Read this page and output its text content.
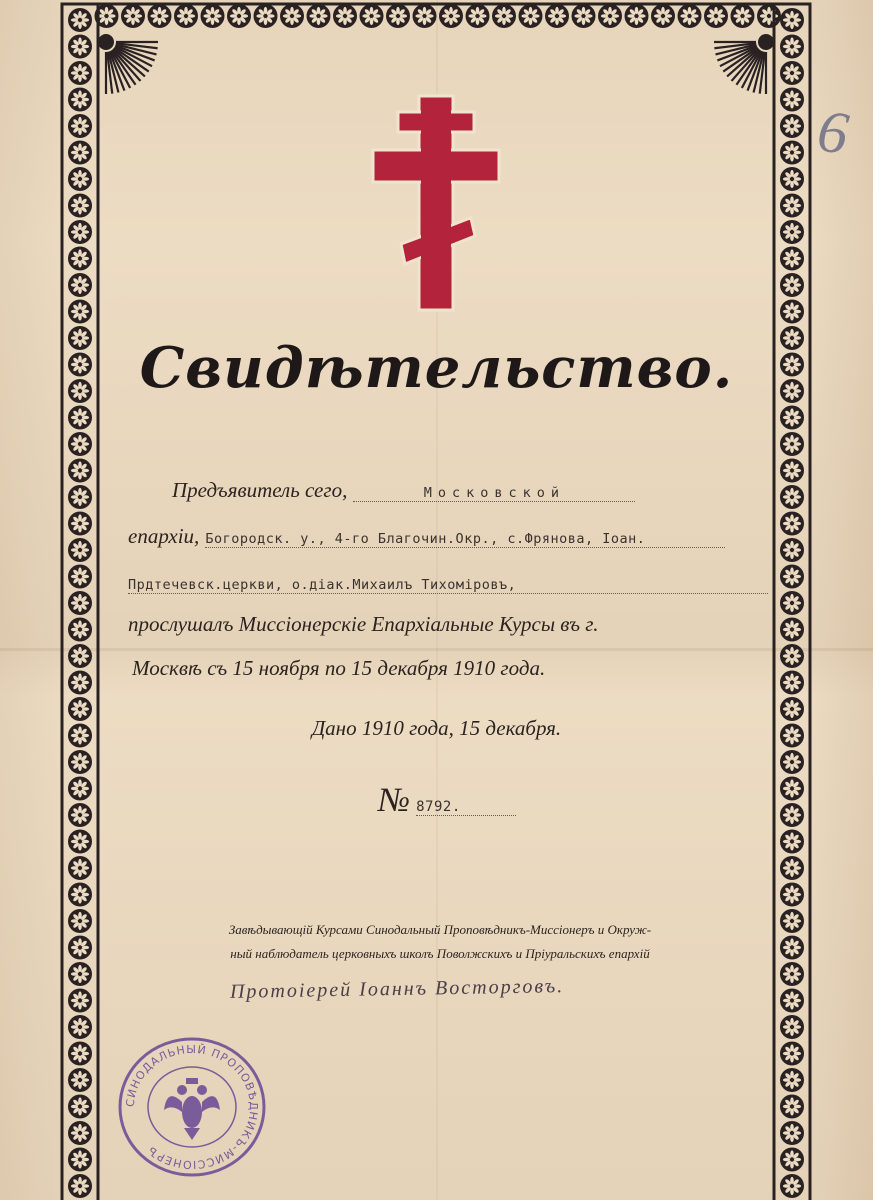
6
Свидѣтельство.
Предъявитель сего,	Московской
епархіи, Богородск. у., 4-го Благочин.Окр., с.Фрянова, Іоан.
Прдтечевск.церкви, о.діак.Михаилъ Тихоміровъ,
прослушалъ Миссіонерскіе Епархіальные Курсы въ г.
Москвѣ съ 15 ноября по 15 декабря 1910 года.
Дано 1910 года, 15 декабря.
№ 8792.
Завѣдывающій Курсами Синодальный Проповѣдникъ-Миссіонеръ и Окруж-
ный наблюдатель церковныхъ школъ Поволжскихъ и Пріуральскихъ епархій
Протоіерей Іоаннъ Восторговъ.
СИНОДАЛЬНЫЙ ПРОПОВѢДНИКЪ-МИССІОНЕРЪ
